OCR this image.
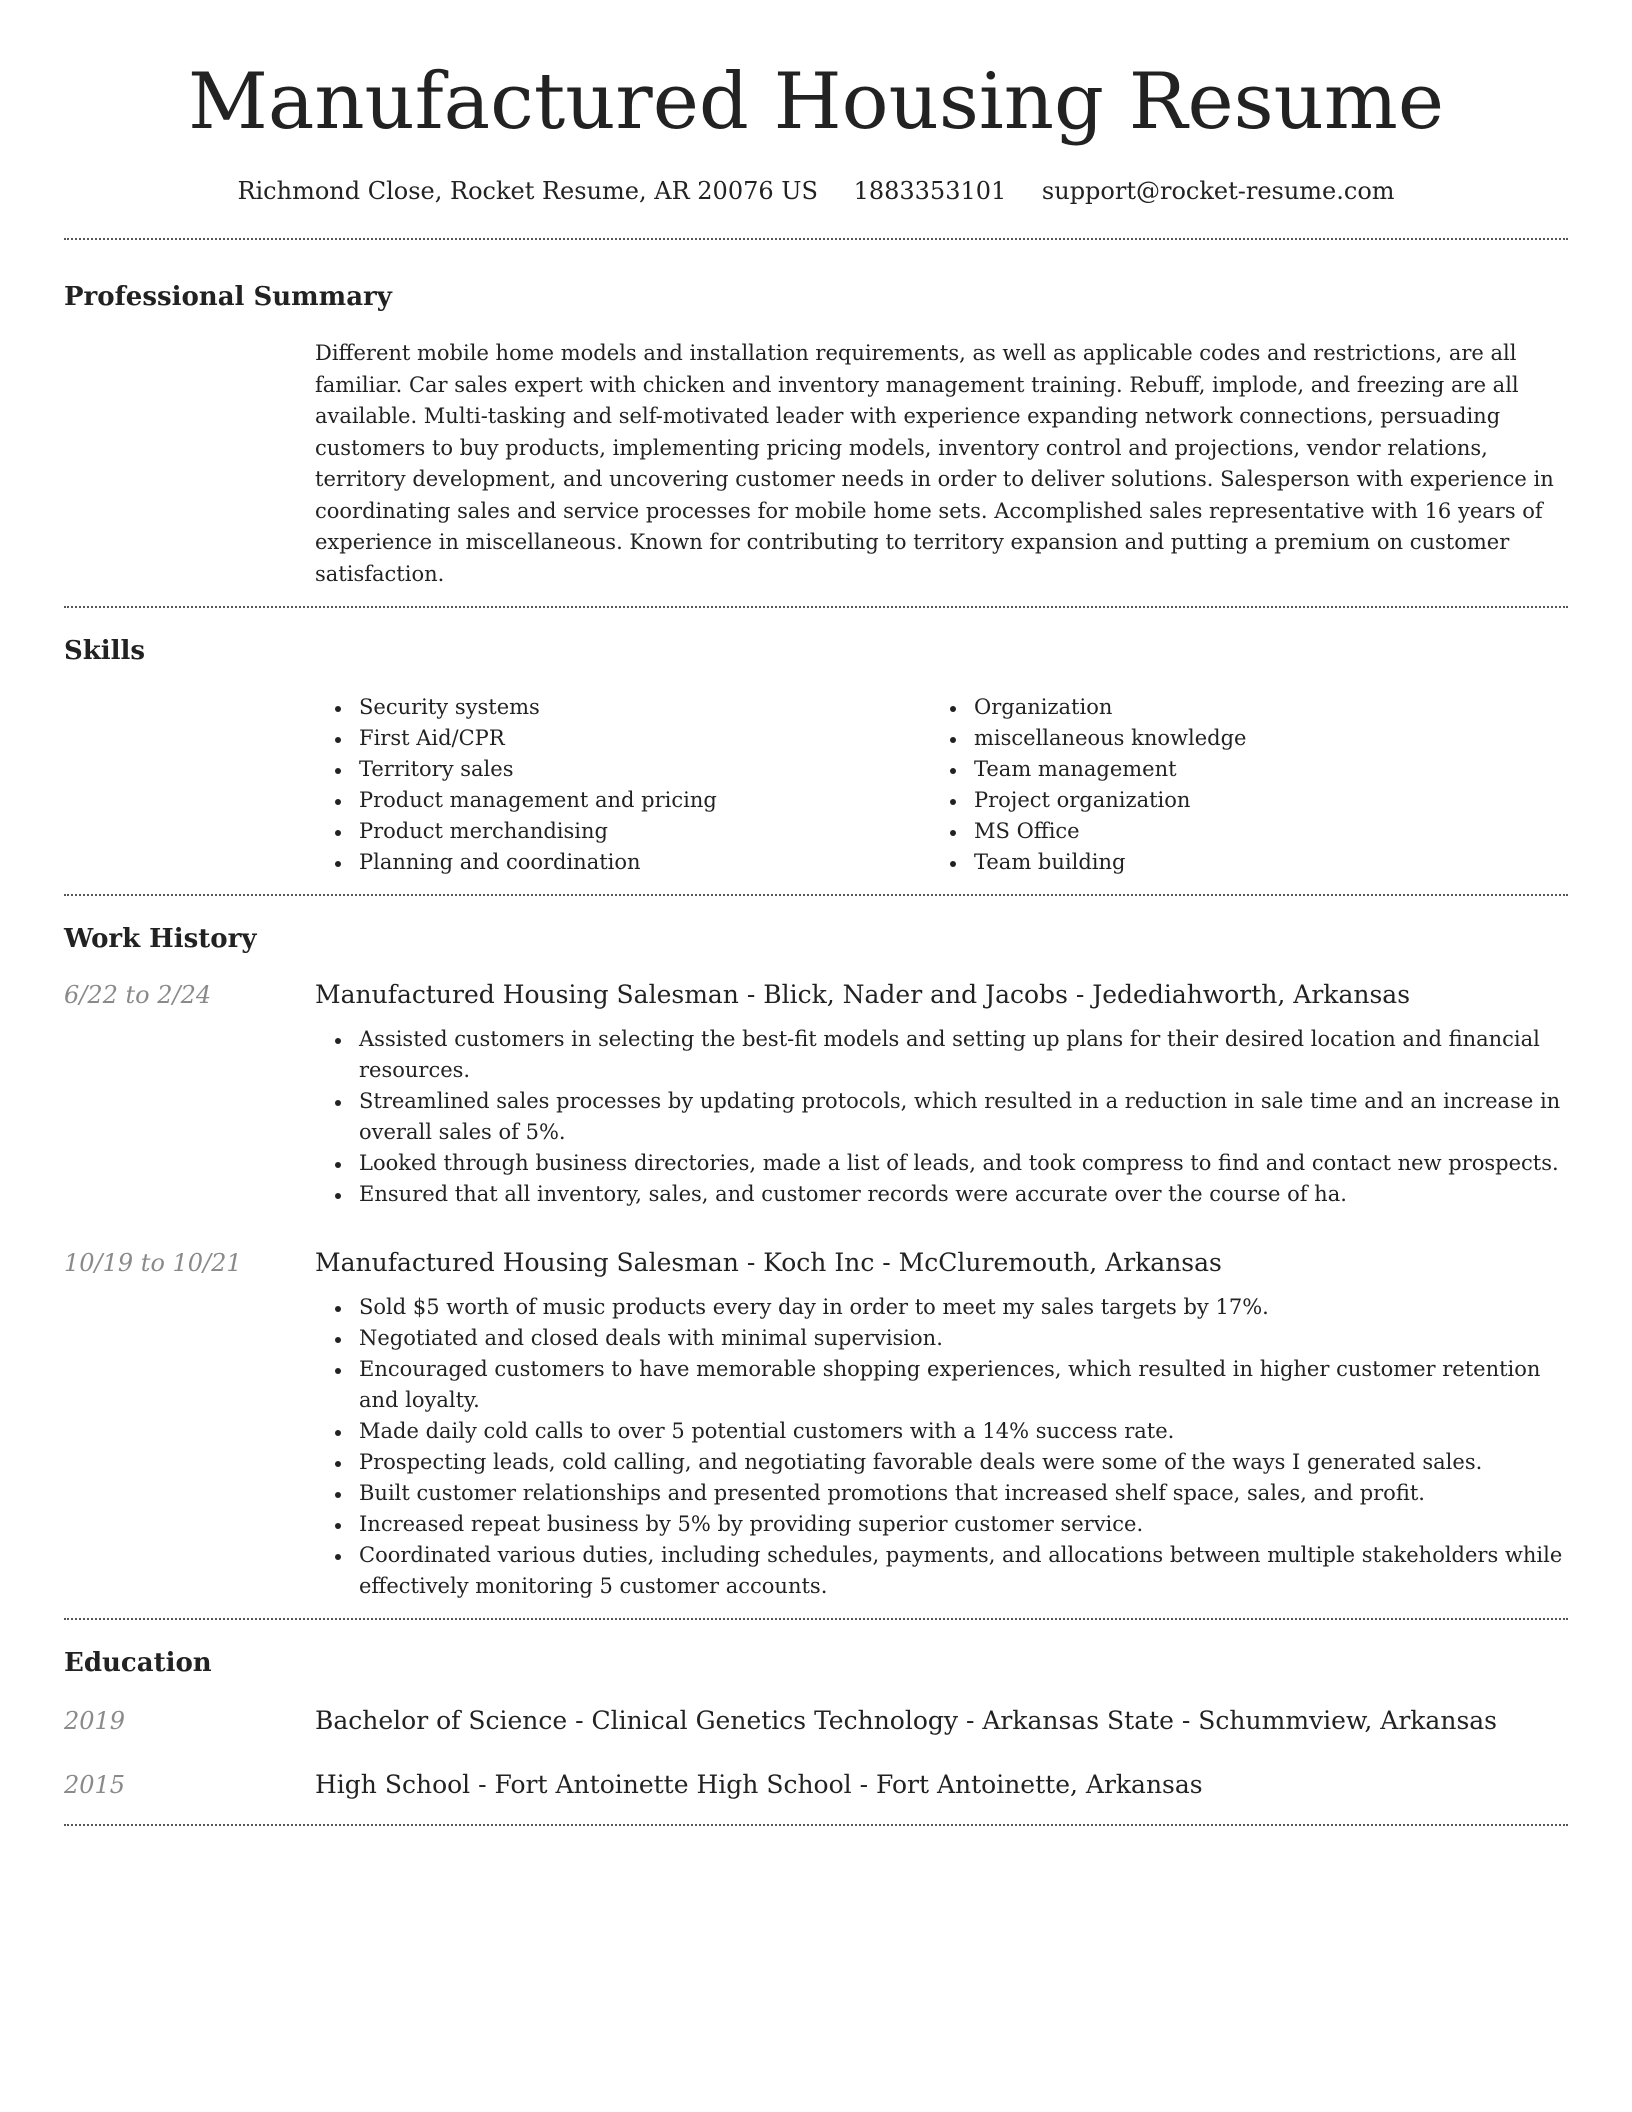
Manufactured Housing Resume
Richmond Close, Rocket Resume, AR 20076 US 1883353101 support@rocket-resume.com
Professional Summary

Different mobile home models and installation requirements, as well as applicable codes and restrictions, are all familiar. Car sales expert with chicken and inventory management training. Rebuff, implode, and freezing are all available. Multi-tasking and self-motivated leader with experience expanding network connections, persuading customers to buy products, implementing pricing models, inventory control and projections, vendor relations, territory development, and uncovering customer needs in order to deliver solutions. Salesperson with experience in coordinating sales and service processes for mobile home sets. Accomplished sales representative with 16 years of experience in miscellaneous. Known for contributing to territory expansion and putting a premium on customer satisfaction.

Skills
Security systems
First Aid/CPR
Territory sales
Product management and pricing
Product merchandising
Planning and coordination
Organization
miscellaneous knowledge
Team management
Project organization
MS Office
Team building
Work History
6/22 to 2/24	Manufactured Housing Salesman - Blick, Nader and Jacobs - Jedediahworth, Arkansas
Assisted customers in selecting the best-fit models and setting up plans for their desired location and financial resources.
Streamlined sales processes by updating protocols, which resulted in a reduction in sale time and an increase in overall sales of 5%.
Looked through business directories, made a list of leads, and took compress to find and contact new prospects.
Ensured that all inventory, sales, and customer records were accurate over the course of ha.
10/19 to 10/21	Manufactured Housing Salesman - Koch Inc - McCluremouth, Arkansas
Sold $5 worth of music products every day in order to meet my sales targets by 17%.
Negotiated and closed deals with minimal supervision.
Encouraged customers to have memorable shopping experiences, which resulted in higher customer retention and loyalty.
Made daily cold calls to over 5 potential customers with a 14% success rate.
Prospecting leads, cold calling, and negotiating favorable deals were some of the ways I generated sales.
Built customer relationships and presented promotions that increased shelf space, sales, and profit.
Increased repeat business by 5% by providing superior customer service.
Coordinated various duties, including schedules, payments, and allocations between multiple stakeholders while effectively monitoring 5 customer accounts.
Education
2019	Bachelor of Science - Clinical Genetics Technology - Arkansas State - Schummview, Arkansas
2015	High School - Fort Antoinette High School - Fort Antoinette, Arkansas
